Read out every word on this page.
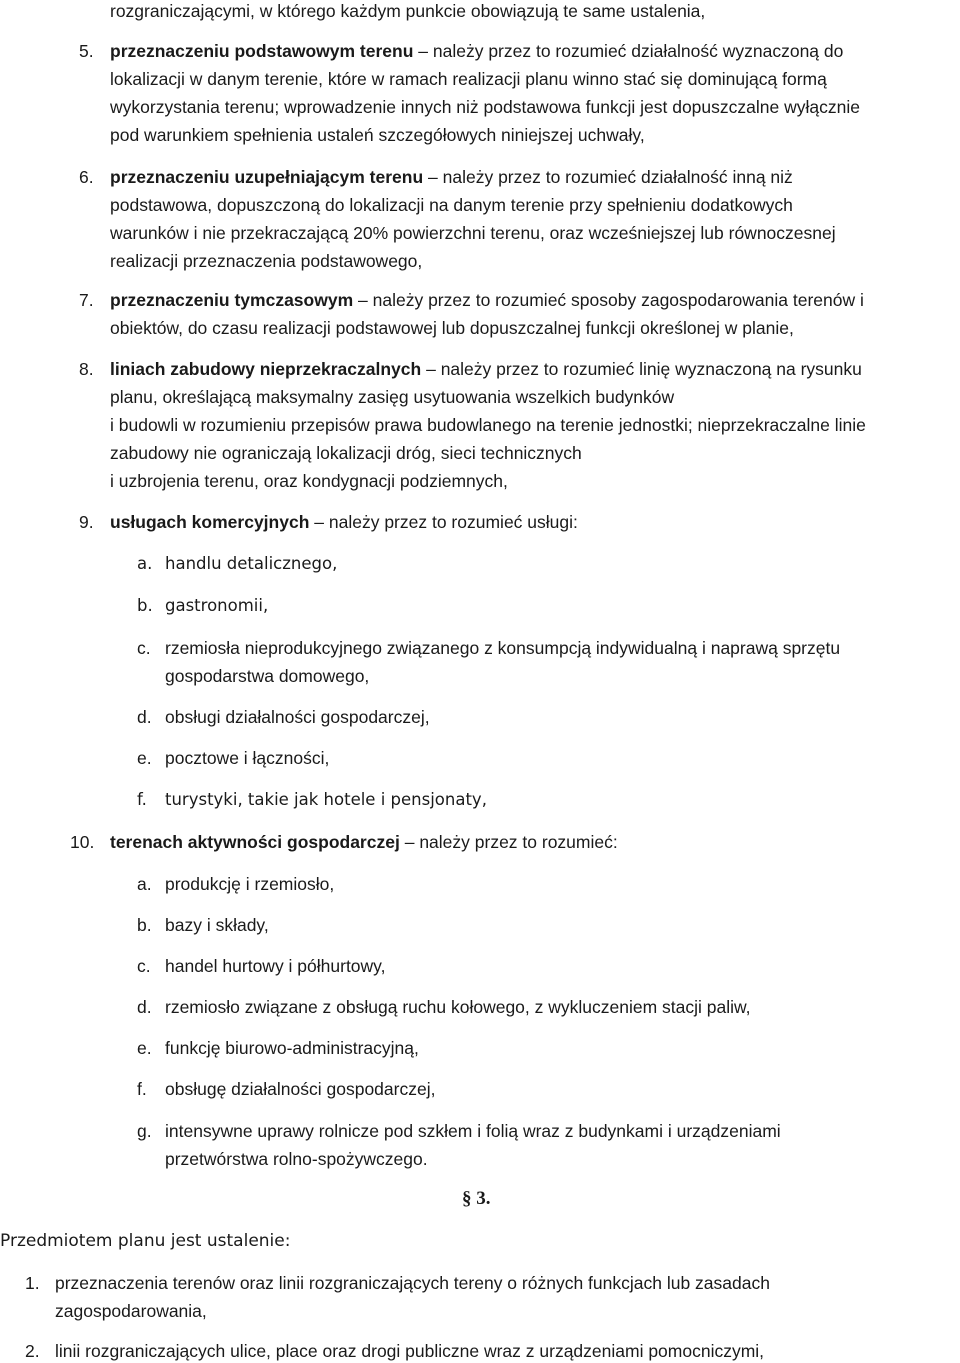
rozgraniczającymi, w którego każdym punkcie obowiązują te same ustalenia,
5. przeznaczeniu podstawowym terenu – należy przez to rozumieć działalność wyznaczoną do
lokalizacji w danym terenie, które w ramach realizacji planu winno stać się dominującą formą
wykorzystania terenu; wprowadzenie innych niż podstawowa funkcji jest dopuszczalne wyłącznie
pod warunkiem spełnienia ustaleń szczegółowych niniejszej uchwały,
6. przeznaczeniu uzupełniającym terenu – należy przez to rozumieć działalność inną niż
podstawowa, dopuszczoną do lokalizacji na danym terenie przy spełnieniu dodatkowych
warunków i nie przekraczającą 20% powierzchni terenu, oraz wcześniejszej lub równoczesnej
realizacji przeznaczenia podstawowego,
7. przeznaczeniu tymczasowym – należy przez to rozumieć sposoby zagospodarowania terenów i
obiektów, do czasu realizacji podstawowej lub dopuszczalnej funkcji określonej w planie,
8. liniach zabudowy nieprzekraczalnych – należy przez to rozumieć linię wyznaczoną na rysunku
planu, określającą maksymalny zasięg usytuowania wszelkich budynków
i budowli w rozumieniu przepisów prawa budowlanego na terenie jednostki; nieprzekraczalne linie
zabudowy nie ograniczają lokalizacji dróg, sieci technicznych
i uzbrojenia terenu, oraz kondygnacji podziemnych,
9. usługach komercyjnych – należy przez to rozumieć usługi:
a. handlu detalicznego,
b. gastronomii,
c. rzemiosła nieprodukcyjnego związanego z konsumpcją indywidualną i naprawą sprzętu
gospodarstwa domowego,
d. obsługi działalności gospodarczej,
e. pocztowe i łączności,
f. turystyki, takie jak hotele i pensjonaty,
10. terenach aktywności gospodarczej – należy przez to rozumieć:
a. produkcję i rzemiosło,
b. bazy i składy,
c. handel hurtowy i półhurtowy,
d. rzemiosło związane z obsługą ruchu kołowego, z wykluczeniem stacji paliw,
e. funkcję biurowo-administracyjną,
f. obsługę działalności gospodarczej,
g. intensywne uprawy rolnicze pod szkłem i folią wraz z budynkami i urządzeniami
przetwórstwa rolno-spożywczego.
§ 3.
Przedmiotem planu jest ustalenie:
1. przeznaczenia terenów oraz linii rozgraniczających tereny o różnych funkcjach lub zasadach
zagospodarowania,
2. linii rozgraniczających ulice, place oraz drogi publiczne wraz z urządzeniami pomocniczymi,
